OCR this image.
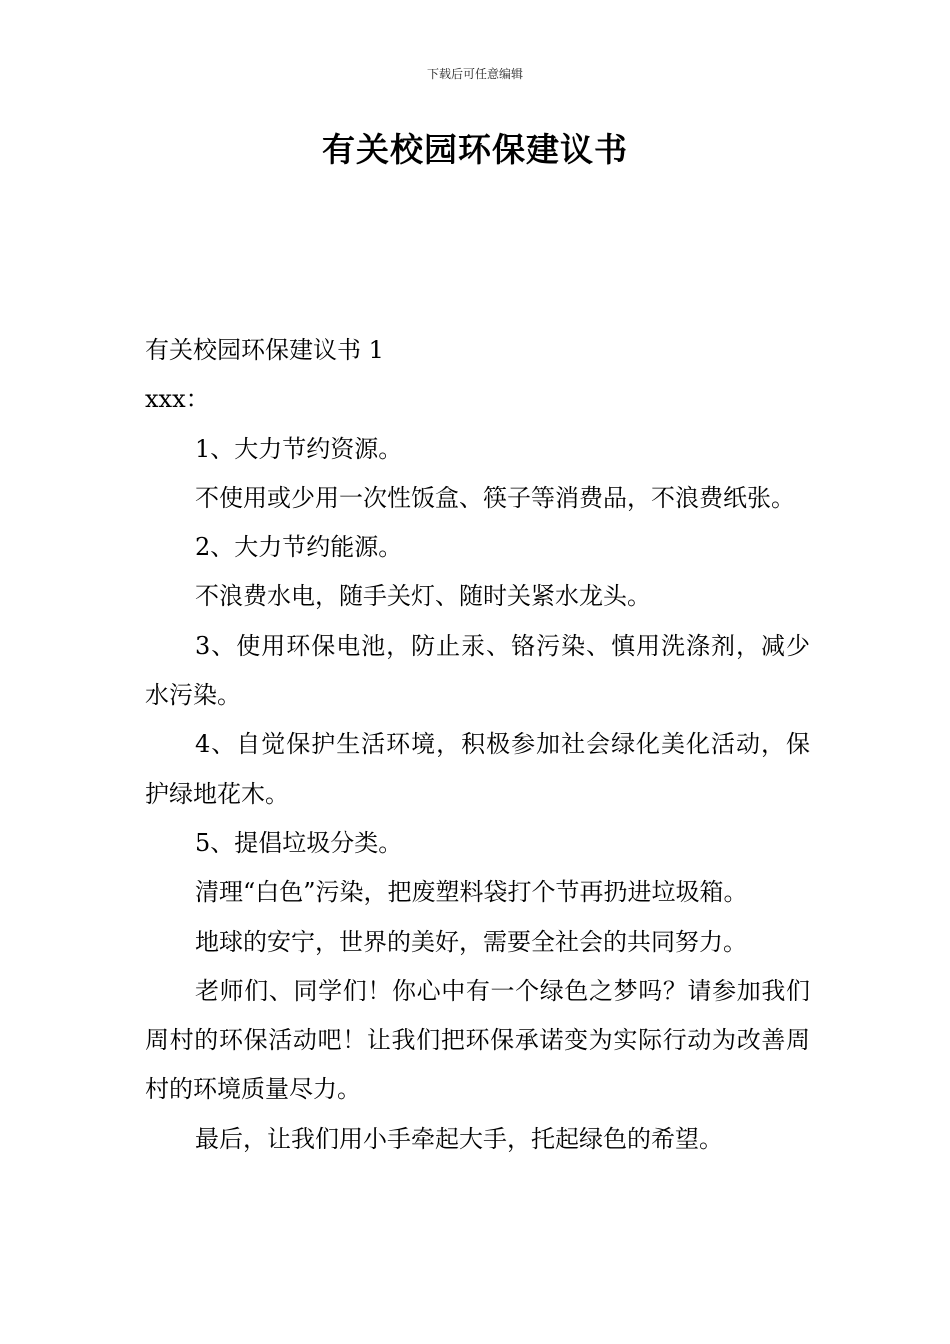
下载后可任意编辑
有关校园环保建议书

有关校园环保建议书 1

xxx：

1、大力节约资源。

不使用或少用一次性饭盒、筷子等消费品，不浪费纸张。

2、大力节约能源。

不浪费水电，随手关灯、随时关紧水龙头。

3、使用环保电池，防止汞、铬污染、慎用洗涤剂，减少水污染。

4、自觉保护生活环境，积极参加社会绿化美化活动，保护绿地花木。

5、提倡垃圾分类。

清理“白色”污染，把废塑料袋打个节再扔进垃圾箱。

地球的安宁，世界的美好，需要全社会的共同努力。

老师们、同学们！你心中有一个绿色之梦吗？请参加我们周村的环保活动吧！让我们把环保承诺变为实际行动为改善周村的环境质量尽力。

最后，让我们用小手牵起大手，托起绿色的希望。
